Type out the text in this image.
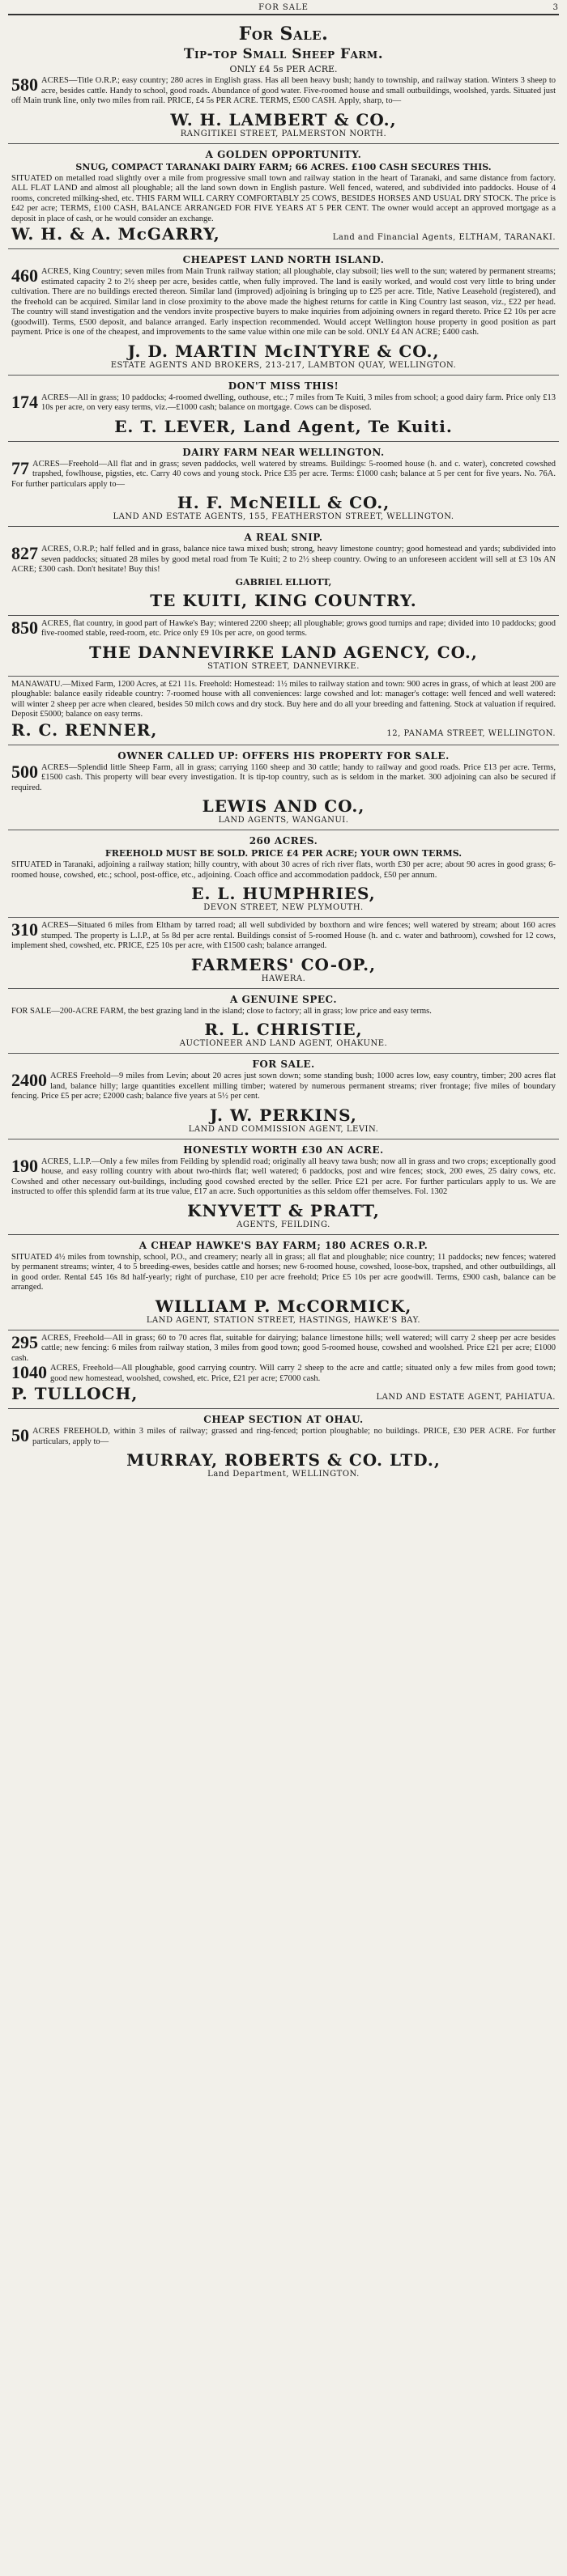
FOR SALE	3
For Sale.
Tip-top Small Sheep Farm.
ONLY £4 5s PER ACRE.
580 ACRES—Title O.R.P.; easy country; 280 acres in English grass. Has all been heavy bush; handy to township, and railway station. Winters 3 sheep to acre, besides cattle. Handy to school, good roads. Abundance of good water. Five-roomed house and small outbuildings, woolshed, yards. Situated just off Main trunk line, only two miles from rail. PRICE, £4 5s PER ACRE. TERMS, £500 CASH. Apply, sharp, to—
W. H. LAMBERT & CO.,
RANGITIKEI STREET, PALMERSTON NORTH.
A GOLDEN OPPORTUNITY.
SNUG, COMPACT TARANAKI DAIRY FARM; 66 ACRES. £100 CASH SECURES THIS.
SITUATED on metalled road slightly over a mile from progressive small town and railway station in the heart of Taranaki, and same distance from factory. ALL FLAT LAND and almost all ploughable; all the land sown down in English pasture. Well fenced, watered, and subdivided into paddocks. House of 4 rooms, concreted milking-shed, etc. THIS FARM WILL CARRY COMFORTABLY 25 COWS, BESIDES HORSES AND USUAL DRY STOCK. The price is £42 per acre; TERMS, £100 CASH, BALANCE ARRANGED FOR FIVE YEARS AT 5 PER CENT. The owner would accept an approved mortgage as a deposit in place of cash, or he would consider an exchange.
W. H. & A. McGARRY,	Land and Financial Agents, ELTHAM, TARANAKI.
CHEAPEST LAND NORTH ISLAND.
460 ACRES, King Country; seven miles from Main Trunk railway station; all ploughable, clay subsoil; lies well to the sun; watered by permanent streams; estimated capacity 2 to 2½ sheep per acre, besides cattle, when fully improved. The land is easily worked, and would cost very little to bring under cultivation. There are no buildings erected thereon. Similar land (improved) adjoining is bringing up to £25 per acre. Title, Native Leasehold (registered), and the freehold can be acquired. Similar land in close proximity to the above made the highest returns for cattle in King Country last season, viz., £22 per head. The country will stand investigation and the vendors invite prospective buyers to make inquiries from adjoining owners in regard thereto. Price £2 10s per acre (goodwill). Terms, £500 deposit, and balance arranged. Early inspection recommended. Would accept Wellington house property in good position as part payment. Price is one of the cheapest, and improvements to the same value within one mile can be sold. ONLY £4 AN ACRE; £400 cash.
J. D. MARTIN McINTYRE & CO.,
ESTATE AGENTS AND BROKERS, 213-217, LAMBTON QUAY, WELLINGTON.
DON'T MISS THIS!
174 ACRES—All in grass; 10 paddocks; 4-roomed dwelling, outhouse, etc.; 7 miles from Te Kuiti, 3 miles from school; a good dairy farm. Price only £13 10s per acre, on very easy terms, viz.—£1000 cash; balance on mortgage. Cows can be disposed.
E. T. LEVER, Land Agent, Te Kuiti.
DAIRY FARM NEAR WELLINGTON.
77 ACRES—Freehold—All flat and in grass; seven paddocks, well watered by streams. Buildings: 5-roomed house (h. and c. water), concreted cowshed trapshed, fowlhouse, pigsties, etc. Carry 40 cows and young stock. Price £35 per acre. Terms: £1000 cash; balance at 5 per cent for five years. No. 76A. For further particulars apply to—
H. F. McNEILL & CO.,
LAND AND ESTATE AGENTS, 155, FEATHERSTON STREET, WELLINGTON.
A REAL SNIP.
827 ACRES, O.R.P.; half felled and in grass, balance nice tawa mixed bush; strong, heavy limestone country; good homestead and yards; subdivided into seven paddocks; situated 28 miles by good metal road from Te Kuiti; 2 to 2½ sheep country. Owing to an unforeseen accident will sell at £3 10s AN ACRE; £300 cash. Don't hesitate! Buy this!
GABRIEL ELLIOTT,
TE KUITI, KING COUNTRY.
850 ACRES, flat country, in good part of Hawke's Bay; wintered 2200 sheep; all ploughable; grows good turnips and rape; divided into 10 paddocks; good five-roomed stable, reed-room, etc. Price only £9 10s per acre, on good terms.
THE DANNEVIRKE LAND AGENCY, CO.,
STATION STREET, DANNEVIRKE.
MANAWATU.—Mixed Farm, 1200 Acres, at £21 11s. Freehold: Homestead: 1½ miles to railway station and town: 900 acres in grass, of which at least 200 are ploughable: balance easily rideable country: 7-roomed house with all conveniences: large cowshed and lot: manager's cottage: well fenced and well watered: will winter 2 sheep per acre when cleared, besides 50 milch cows and dry stock. Buy here and do all your breeding and fattening. Stock at valuation if required. Deposit £5000; balance on easy terms.
R. C. RENNER,	12, PANAMA STREET, WELLINGTON.
OWNER CALLED UP: OFFERS HIS PROPERTY FOR SALE.
500 ACRES—Splendid little Sheep Farm, all in grass; carrying 1160 sheep and 30 cattle; handy to railway and good roads. Price £13 per acre. Terms, £1500 cash. This property will bear every investigation. It is tip-top country, such as is seldom in the market. 300 adjoining can also be secured if required.
LEWIS AND CO.,
LAND AGENTS, WANGANUI.
260 ACRES.
FREEHOLD MUST BE SOLD. PRICE £4 PER ACRE; YOUR OWN TERMS.
SITUATED in Taranaki, adjoining a railway station; hilly country, with about 30 acres of rich river flats, worth £30 per acre; about 90 acres in good grass; 6-roomed house, cowshed, etc.; school, post-office, etc., adjoining. Coach office and accommodation paddock, £50 per annum.
E. L. HUMPHRIES,
DEVON STREET, NEW PLYMOUTH.
310 ACRES—Situated 6 miles from Eltham by tarred road; all well subdivided by boxthorn and wire fences; well watered by stream; about 160 acres stumped. The property is L.I.P., at 5s 8d per acre rental. Buildings consist of 5-roomed House (h. and c. water and bathroom), cowshed for 12 cows, implement shed, cowshed, etc. PRICE, £25 10s per acre, with £1500 cash; balance arranged.
FARMERS' CO-OP.,
HAWERA.
A GENUINE SPEC.
FOR SALE—200-ACRE FARM, the best grazing land in the island; close to factory; all in grass; low price and easy terms.
R. L. CHRISTIE,
AUCTIONEER AND LAND AGENT, OHAKUNE.
FOR SALE.
2400 ACRES Freehold—9 miles from Levin; about 20 acres just sown down; some standing bush; 1000 acres low, easy country, timber; 200 acres flat land, balance hilly; large quantities excellent milling timber; watered by numerous permanent streams; river frontage; five miles of boundary fencing. Price £5 per acre; £2000 cash; balance five years at 5½ per cent.
J. W. PERKINS,
LAND AND COMMISSION AGENT, LEVIN.
HONESTLY WORTH £30 AN ACRE.
190 ACRES, L.I.P.—Only a few miles from Feilding by splendid road; originally all heavy tawa bush; now all in grass and two crops; exceptionally good house, and easy rolling country with about two-thirds flat; well watered; 6 paddocks, post and wire fences; stock, 200 ewes, 25 dairy cows, etc. Cowshed and other necessary out-buildings, including good cowshed erected by the seller. Price £21 per acre. For further particulars apply to us. We are instructed to offer this splendid farm at its true value, £17 an acre. Such opportunities as this seldom offer themselves. Fol. 1302
KNYVETT & PRATT,
AGENTS, FEILDING.
A CHEAP HAWKE'S BAY FARM; 180 ACRES O.R.P.
SITUATED 4½ miles from township, school, P.O., and creamery; nearly all in grass; all flat and ploughable; nice country; 11 paddocks; new fences; watered by permanent streams; winter, 4 to 5 breeding-ewes, besides cattle and horses; new 6-roomed house, cowshed, loose-box, trapshed, and other outbuildings, all in good order. Rental £45 16s 8d half-yearly; right of purchase, £10 per acre freehold; Price £5 10s per acre goodwill. Terms, £900 cash, balance can be arranged.
WILLIAM P. McCORMICK,
LAND AGENT, STATION STREET, HASTINGS, HAWKE'S BAY.
295 ACRES, Freehold—All in grass; 60 to 70 acres flat, suitable for dairying; balance limestone hills; well watered; will carry 2 sheep per acre besides cattle; new fencing: 6 miles from railway station, 3 miles from good town; good 5-roomed house, cowshed and woolshed. Price £21 per acre; £1000 cash.
1040 ACRES, Freehold—All ploughable, good carrying country. Will carry 2 sheep to the acre and cattle; situated only a few miles from good town; good new homestead, woolshed, cowshed, etc. Price, £21 per acre; £7000 cash.
P. TULLOCH,	LAND AND ESTATE AGENT, PAHIATUA.
CHEAP SECTION AT OHAU.
50 ACRES FREEHOLD, within 3 miles of railway; grassed and ring-fenced; portion ploughable; no buildings. PRICE, £30 PER ACRE. For further particulars, apply to—
MURRAY, ROBERTS & CO. LTD.,
Land Department, WELLINGTON.
